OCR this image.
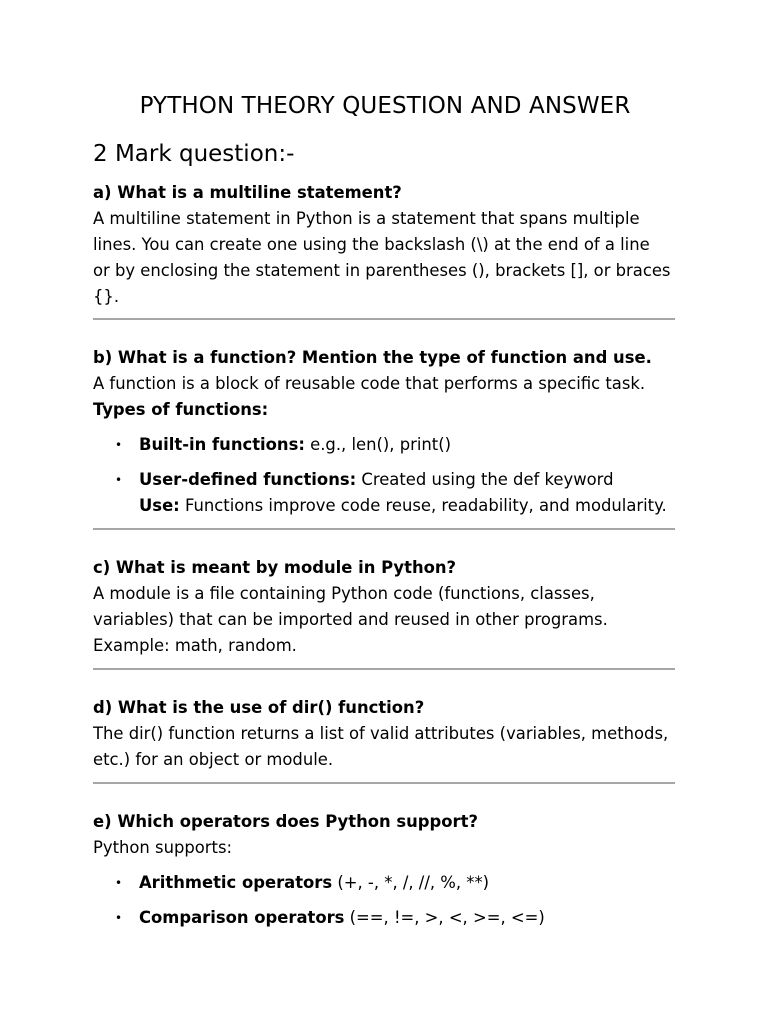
PYTHON THEORY QUESTION AND ANSWER
2 Mark question:-

a) What is a multiline statement?

A multiline statement in Python is a statement that spans multiple

lines. You can create one using the backslash (\) at the end of a line

or by enclosing the statement in parentheses (), brackets [], or braces

{}.

b) What is a function? Mention the type of function and use.

A function is a block of reusable code that performs a specific task.

Types of functions:

• Built-in functions: e.g., len(), print()
• User-defined functions: Created using the def keyword
Use: Functions improve code reuse, readability, and modularity.

c) What is meant by module in Python?

A module is a file containing Python code (functions, classes,

variables) that can be imported and reused in other programs.

Example: math, random.

d) What is the use of dir() function?

The dir() function returns a list of valid attributes (variables, methods,

etc.) for an object or module.

e) Which operators does Python support?

Python supports:

• Arithmetic operators (+, -, *, /, //, %, **)
• Comparison operators (==, !=, >, <, >=, <=)
